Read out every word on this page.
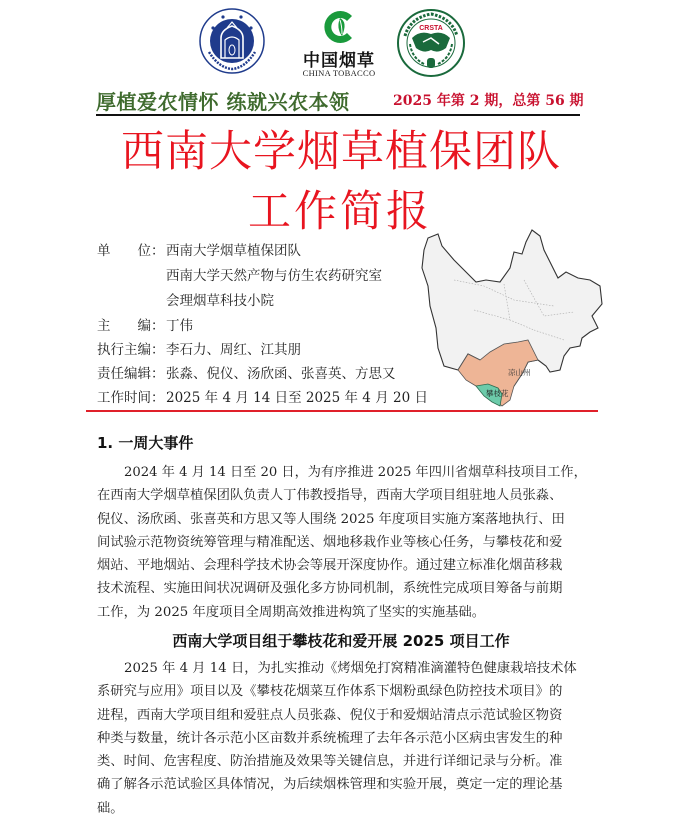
中国烟草
CHINA TOBACCO
CRSTA
厚植爱农情怀 练就兴农本领	2025 年第 2 期，总第 56 期
西南大学烟草植保团队
工作简报
单 位： 西南大学烟草植保团队
西南大学天然产物与仿生农药研究室
会理烟草科技小院
主 编： 丁伟
执行主编： 李石力、周红、江其朋
责任编辑： 张淼、倪仪、汤欣函、张喜英、方思又
工作时间： 2025 年 4 月 14 日至 2025 年 4 月 20 日
凉山州
攀枝花
1. 一周大事件
2024 年 4 月 14 日至 20 日，为有序推进 2025 年四川省烟草科技项目工作，
在西南大学烟草植保团队负责人丁伟教授指导，西南大学项目组驻地人员张淼、
倪仪、汤欣函、张喜英和方思又等人围绕 2025 年度项目实施方案落地执行、田
间试验示范物资统筹管理与精准配送、烟地移栽作业等核心任务，与攀枝花和爱
烟站、平地烟站、会理科学技术协会等展开深度协作。通过建立标准化烟苗移栽
技术流程、实施田间状况调研及强化多方协同机制，系统性完成项目筹备与前期
工作，为 2025 年度项目全周期高效推进构筑了坚实的实施基础。
西南大学项目组于攀枝花和爱开展 2025 项目工作
2025 年 4 月 14 日，为扎实推动《烤烟免打窝精准滴灌特色健康栽培技术体
系研究与应用》项目以及《攀枝花烟菜互作体系下烟粉虱绿色防控技术项目》的
进程，西南大学项目组和爱驻点人员张淼、倪仪于和爱烟站清点示范试验区物资
种类与数量，统计各示范小区亩数并系统梳理了去年各示范小区病虫害发生的种
类、时间、危害程度、防治措施及效果等关键信息，并进行详细记录与分析。准
确了解各示范试验区具体情况，为后续烟株管理和实验开展，奠定一定的理论基
础。
